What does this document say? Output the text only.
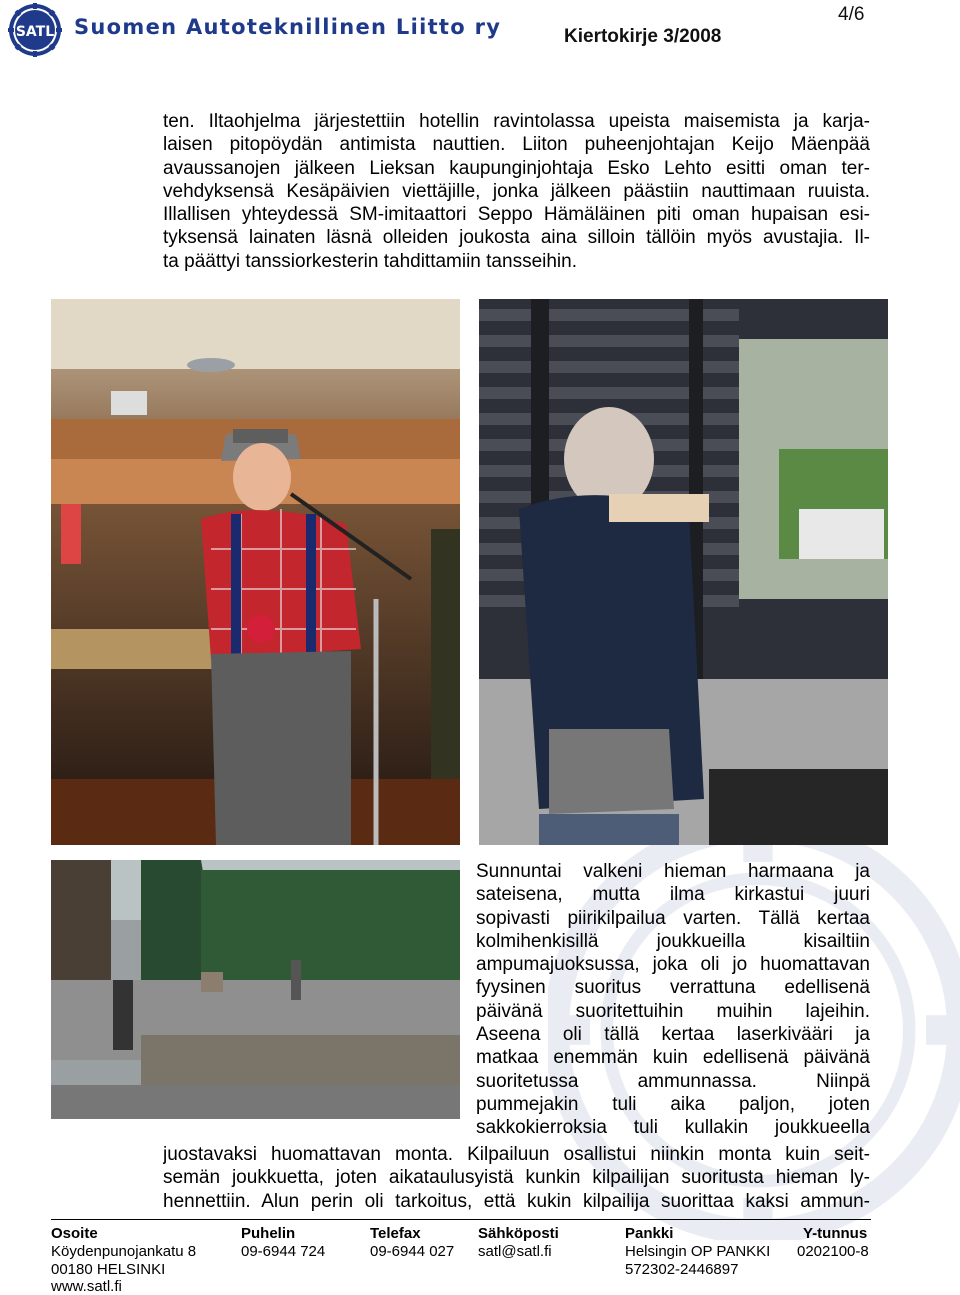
SATL Suomen Autoteknillinen Liitto ry	Kiertokirje 3/2008
4/6
ten. Iltaohjelma järjestettiin hotellin ravintolassa upeista maisemista ja karja-
laisen pitopöydän antimista nauttien. Liiton puheenjohtajan Keijo Mäenpää
avaussanojen jälkeen Lieksan kaupunginjohtaja Esko Lehto esitti oman ter-
vehdyksensä Kesäpäivien viettäjille, jonka jälkeen päästiin nauttimaan ruuista.
Illallisen yhteydessä SM-imitaattori Seppo Hämäläinen piti oman hupaisan esi-
tyksensä lainaten läsnä olleiden joukosta aina silloin tällöin myös avustajia. Il-
ta päättyi tanssiorkesterin tahdittamiin tansseihin.
Sunnuntai valkeni hieman harmaana ja
sateisena, mutta ilma kirkastui juuri
sopivasti piirikilpailua varten. Tällä kertaa
kolmihenkisillä joukkueilla kisailtiin
ampumajuoksussa, joka oli jo huomattavan
fyysinen suoritus verrattuna edellisenä
päivänä suoritettuihin muihin lajeihin.
Aseena oli tällä kertaa laserkivääri ja
matkaa enemmän kuin edellisenä päivänä
suoritetussa ammunnassa. Niinpä
pummejakin tuli aika paljon, joten
sakkokierroksia tuli kullakin joukkueella
juostavaksi huomattavan monta. Kilpailuun osallistui niinkin monta kuin seit-
semän joukkuetta, joten aikataulusyistä kunkin kilpailijan suoritusta hieman ly-
hennettiin. Alun perin oli tarkoitus, että kukin kilpailija suorittaa kaksi ammun-
Osoite
Köydenpunojankatu 8
00180 HELSINKI
www.satl.fi
Puhelin
09-6944 724
Telefax
09-6944 027
Sähköposti
satl@satl.fi
Pankki
Helsingin OP PANKKI
572302-2446897
Y-tunnus
0202100-8
